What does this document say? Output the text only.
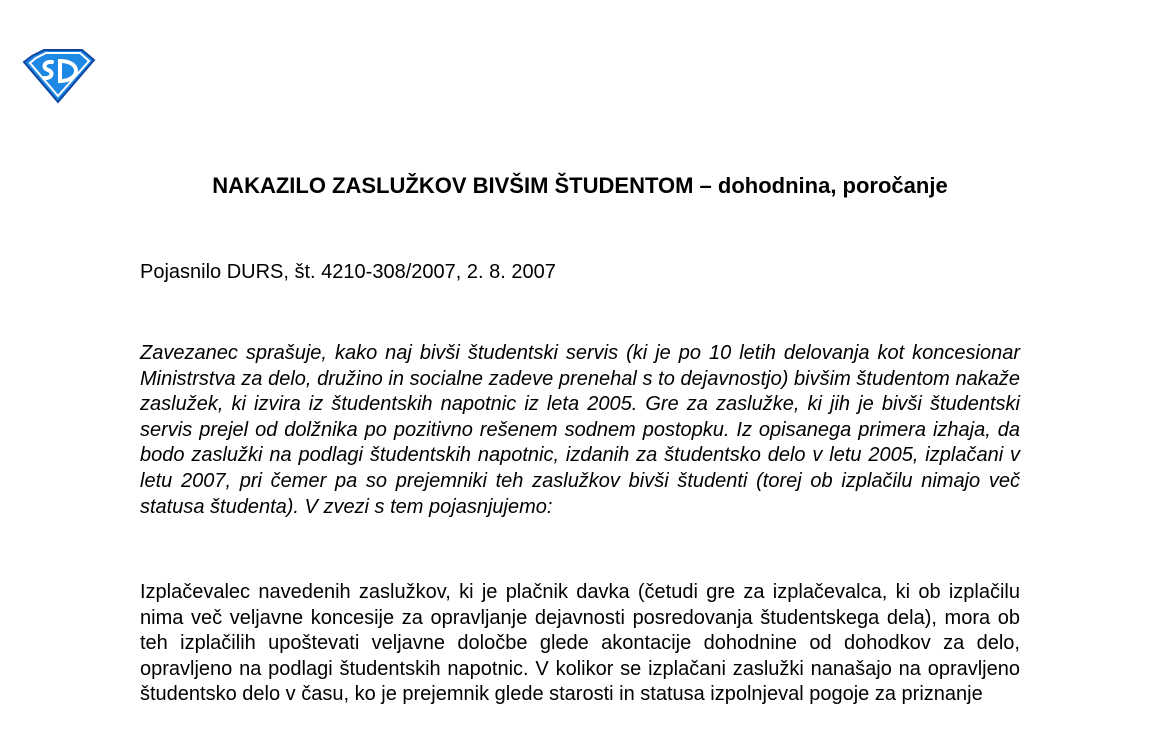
NAKAZILO ZASLUŽKOV BIVŠIM ŠTUDENTOM – dohodnina, poročanje

Pojasnilo DURS, št. 4210-308/2007, 2. 8. 2007

Zavezanec sprašuje, kako naj bivši študentski servis (ki je po 10 letih delovanja kot koncesionar Ministrstva za delo, družino in socialne zadeve prenehal s to dejavnostjo) bivšim študentom nakaže zaslužek, ki izvira iz študentskih napotnic iz leta 2005. Gre za zaslužke, ki jih je bivši študentski servis prejel od dolžnika po pozitivno rešenem sodnem postopku. Iz opisanega primera izhaja, da bodo zaslužki na podlagi študentskih napotnic, izdanih za študentsko delo v letu 2005, izplačani v letu 2007, pri čemer pa so prejemniki teh zaslužkov bivši študenti (torej ob izplačilu nimajo več statusa študenta). V zvezi s tem pojasnjujemo:

Izplačevalec navedenih zaslužkov, ki je plačnik davka (četudi gre za izplačevalca, ki ob izplačilu nima več veljavne koncesije za opravljanje dejavnosti posredovanja študentskega dela), mora ob teh izplačilih upoštevati veljavne določbe glede akontacije dohodnine od dohodkov za delo, opravljeno na podlagi študentskih napotnic. V kolikor se izplačani zaslužki nanašajo na opravljeno študentsko delo v času, ko je prejemnik glede starosti in statusa izpolnjeval pogoje za priznanje
